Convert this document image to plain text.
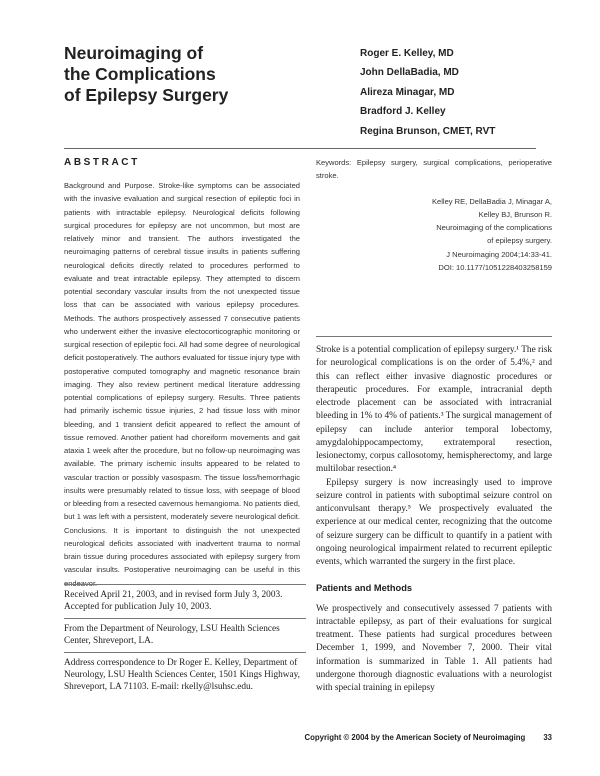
Neuroimaging of
the Complications
of Epilepsy Surgery
Roger E. Kelley, MD
John DellaBadia, MD
Alireza Minagar, MD
Bradford J. Kelley
Regina Brunson, CMET, RVT
ABSTRACT

Background and Purpose. Stroke-like symptoms can be associated with the invasive evaluation and surgical resection of epileptic foci in patients with intractable epilepsy. Neurological deficits following surgical procedures for epilepsy are not uncommon, but most are relatively minor and transient. The authors investigated the neuroimaging patterns of cerebral tissue insults in patients suffering neurological deficits directly related to procedures performed to evaluate and treat intractable epilepsy. They attempted to discern potential secondary vascular insults from the not unexpected tissue loss that can be associated with various epilepsy procedures. Methods. The authors prospectively assessed 7 consecutive patients who underwent either the invasive electocorticographic monitoring or surgical resection of epileptic foci. All had some degree of neurological deficit postoperatively. The authors evaluated for tissue injury type with postoperative computed tomography and magnetic resonance brain imaging. They also review pertinent medical literature addressing potential complications of epilepsy surgery. Results. Three patients had primarily ischemic tissue injuries, 2 had tissue loss with minor bleeding, and 1 transient deficit appeared to reflect the amount of tissue removed. Another patient had choreiform movements and gait ataxia 1 week after the procedure, but no follow-up neuroimaging was available. The primary ischemic insults appeared to be related to vascular traction or possibly vasospasm. The tissue loss/hemorrhagic insults were presumably related to tissue loss, with seepage of blood or bleeding from a resected cavernous hemangioma. No patients died, but 1 was left with a persistent, moderately severe neurological deficit. Conclusions. It is important to distinguish the not unexpected neurological deficits associated with inadvertent trauma to normal brain tissue during procedures associated with epilepsy surgery from vascular insults. Postoperative neuroimaging can be useful in this endeavor.

Received April 21, 2003, and in revised form July 3, 2003. Accepted for publication July 10, 2003.
From the Department of Neurology, LSU Health Sciences Center, Shreveport, LA.
Address correspondence to Dr Roger E. Kelley, Department of Neurology, LSU Health Sciences Center, 1501 Kings Highway, Shreveport, LA 71103. E-mail: rkelly@lsuhsc.edu.

Keywords: Epilepsy surgery, surgical complications, perioperative stroke.

Kelley RE, DellaBadia J, Minagar A,
Kelley BJ, Brunson R.
Neuroimaging of the complications
of epilepsy surgery.
J Neuroimaging 2004;14:33-41.
DOI: 10.1177/1051228403258159

Stroke is a potential complication of epilepsy surgery.¹ The risk for neurological complications is on the order of 5.4%,² and this can reflect either invasive diagnostic procedures or therapeutic procedures. For example, intracranial depth electrode placement can be associated with intracranial bleeding in 1% to 4% of patients.³ The surgical management of epilepsy can include anterior temporal lobectomy, amygdalohippocampectomy, extratemporal resection, lesionectomy, corpus callosotomy, hemispherectomy, and large multilobar resection.⁴

Epilepsy surgery is now increasingly used to improve seizure control in patients with suboptimal seizure control on anticonvulsant therapy.⁵ We prospectively evaluated the experience at our medical center, recognizing that the outcome of seizure surgery can be difficult to quantify in a patient with ongoing neurological impairment related to recurrent epileptic events, which warranted the surgery in the first place.

Patients and Methods

We prospectively and consecutively assessed 7 patients with intractable epilepsy, as part of their evaluations for surgical treatment. These patients had surgical procedures between December 1, 1999, and November 7, 2000. Their vital information is summarized in Table 1. All patients had undergone thorough diagnostic evaluations with a neurologist with special training in epilepsy

Copyright © 2004 by the American Society of Neuroimaging 33
